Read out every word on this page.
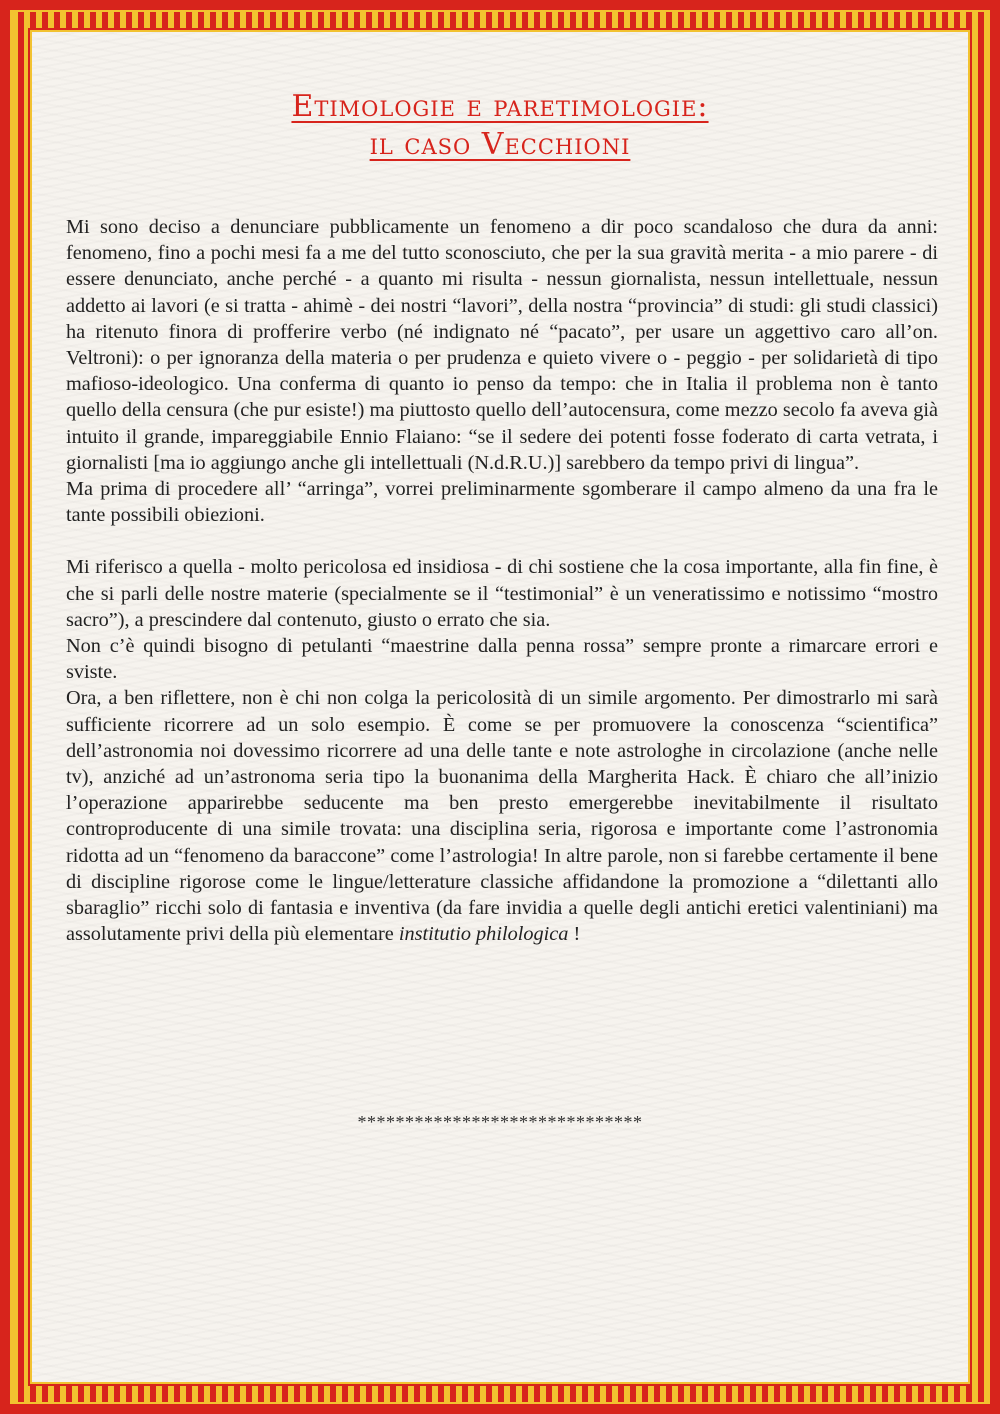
Etimologie e paretimologie:
il caso Vecchioni

Mi sono deciso a denunciare pubblicamente un fenomeno a dir poco scandaloso che dura da anni: fenomeno, fino a pochi mesi fa a me del tutto sconosciuto, che per la sua gravità merita - a mio parere - di essere denunciato, anche perché - a quanto mi risulta - nessun giornalista, nessun intellettuale, nessun addetto ai lavori (e si tratta - ahimè - dei nostri “lavori”, della nostra “provincia” di studi: gli studi classici) ha ritenuto finora di profferire verbo (né indignato né “pacato”, per usare un aggettivo caro all’on. Veltroni): o per ignoranza della materia o per prudenza e quieto vivere o - peggio - per solidarietà di tipo mafioso-ideologico. Una conferma di quanto io penso da tempo: che in Italia il problema non è tanto quello della censura (che pur esiste!) ma piuttosto quello dell’autocensura, come mezzo secolo fa aveva già intuito il grande, impareggiabile Ennio Flaiano: “se il sedere dei potenti fosse foderato di carta vetrata, i giornalisti [ma io aggiungo anche gli intellettuali (N.d.R.U.)] sarebbero da tempo privi di lingua”.

Ma prima di procedere all’ “arringa”, vorrei preliminarmente sgomberare il campo almeno da una fra le tante possibili obiezioni.

Mi riferisco a quella - molto pericolosa ed insidiosa - di chi sostiene che la cosa importante, alla fin fine, è che si parli delle nostre materie (specialmente se il “testimonial” è un veneratissimo e notissimo “mostro sacro”), a prescindere dal contenuto, giusto o errato che sia.

Non c’è quindi bisogno di petulanti “maestrine dalla penna rossa” sempre pronte a rimarcare errori e sviste.

Ora, a ben riflettere, non è chi non colga la pericolosità di un simile argomento. Per dimostrarlo mi sarà sufficiente ricorrere ad un solo esempio. È come se per promuovere la conoscenza “scientifica” dell’astronomia noi dovessimo ricorrere ad una delle tante e note astrologhe in circolazione (anche nelle tv), anziché ad un’astronoma seria tipo la buonanima della Margherita Hack. È chiaro che all’inizio l’operazione apparirebbe seducente ma ben presto emergerebbe inevitabilmente il risultato controproducente di una simile trovata: una disciplina seria, rigorosa e importante come l’astronomia ridotta ad un “fenomeno da baraccone” come l’astrologia! In altre parole, non si farebbe certamente il bene di discipline rigorose come le lingue/letterature classiche affidandone la promozione a “dilettanti allo sbaraglio” ricchi solo di fantasia e inventiva (da fare invidia a quelle degli antichi eretici valentiniani) ma assolutamente privi della più elementare institutio philologica !

******************************
